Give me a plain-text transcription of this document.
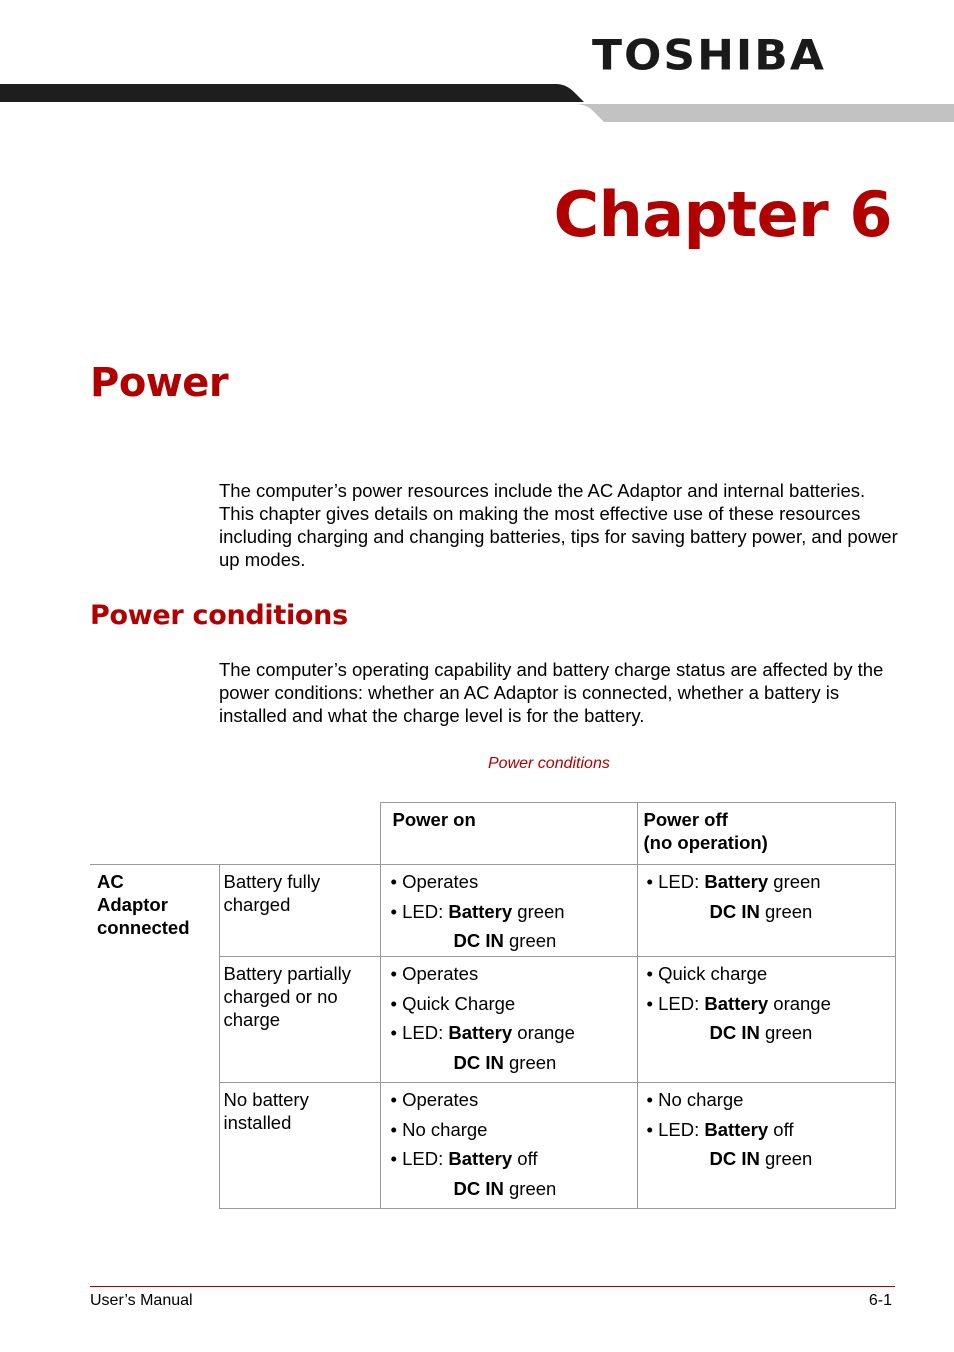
TOSHIBA
Chapter 6
Power
The computer’s power resources include the AC Adaptor and internal batteries. This chapter gives details on making the most effective use of these resources including charging and changing batteries, tips for saving battery power, and power up modes.
Power conditions
The computer’s operating capability and battery charge status are affected by the power conditions: whether an AC Adaptor is connected, whether a battery is installed and what the charge level is for the battery.
Power conditions
		Power on	Power off
(no operation)

AC
Adaptor
connected	Battery fully charged	• Operates
• LED: Battery green
DC IN green	• LED: Battery green
DC IN green

	Battery partially charged or no charge	• Operates
• Quick Charge
• LED: Battery orange
DC IN green	• Quick charge
• LED: Battery orange
DC IN green

	No battery installed	• Operates
• No charge
• LED: Battery off
DC IN green	• No charge
• LED: Battery off
DC IN green
User’s Manual	6-1
